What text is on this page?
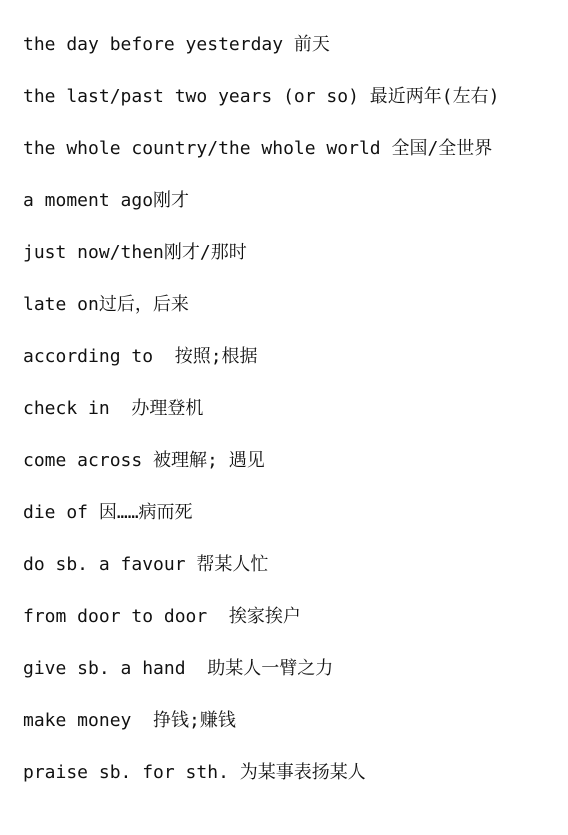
the day before yesterday 前天
the last/past two years (or so) 最近两年(左右)
the whole country/the whole world 全国/全世界
a moment ago刚才
just now/then刚才/那时
late on过后，后来
according to  按照;根据
check in  办理登机
come across 被理解; 遇见
die of 因……病而死
do sb. a favour 帮某人忙
from door to door  挨家挨户
give sb. a hand  助某人一臂之力
make money  挣钱;赚钱
praise sb. for sth. 为某事表扬某人
